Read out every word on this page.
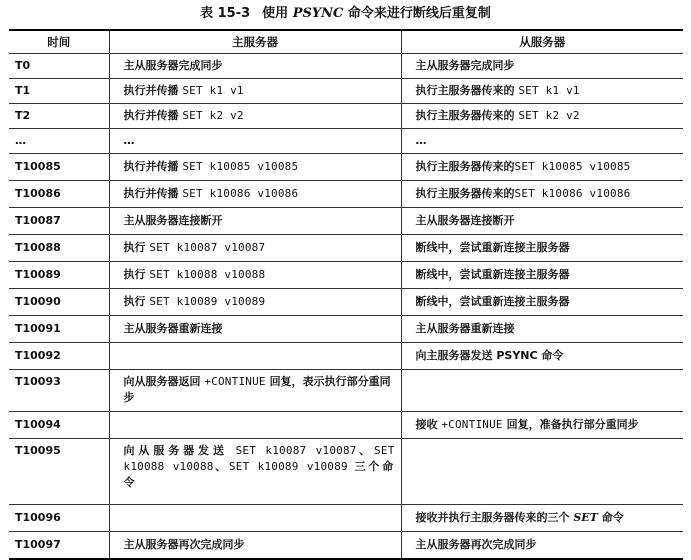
表 15-3 使用 PSYNC 命令来进行断线后重复制
时间	主服务器	从服务器
T0	主从服务器完成同步	主从服务器完成同步
T1	执行并传播 SET k1 v1	执行主服务器传来的 SET k1 v1
T2	执行并传播 SET k2 v2	执行主服务器传来的 SET k2 v2
…	…	…
T10085	执行并传播 SET k10085 v10085	执行主服务器传来的SET k10085 v10085
T10086	执行并传播 SET k10086 v10086	执行主服务器传来的SET k10086 v10086
T10087	主从服务器连接断开	主从服务器连接断开
T10088	执行 SET k10087 v10087	断线中，尝试重新连接主服务器
T10089	执行 SET k10088 v10088	断线中，尝试重新连接主服务器
T10090	执行 SET k10089 v10089	断线中，尝试重新连接主服务器
T10091	主从服务器重新连接	主从服务器重新连接
T10092		向主服务器发送 PSYNC 命令
T10093	向从服务器返回 +CONTINUE 回复，表示执行部分重同步	
T10094		接收 +CONTINUE 回复，准备执行部分重同步
T10095	向从服务器发送 SET k10087 v10087、SET k10088 v10088、SET k10089 v10089 三个命令	
T10096		接收并执行主服务器传来的三个 SET 命令
T10097	主从服务器再次完成同步	主从服务器再次完成同步
